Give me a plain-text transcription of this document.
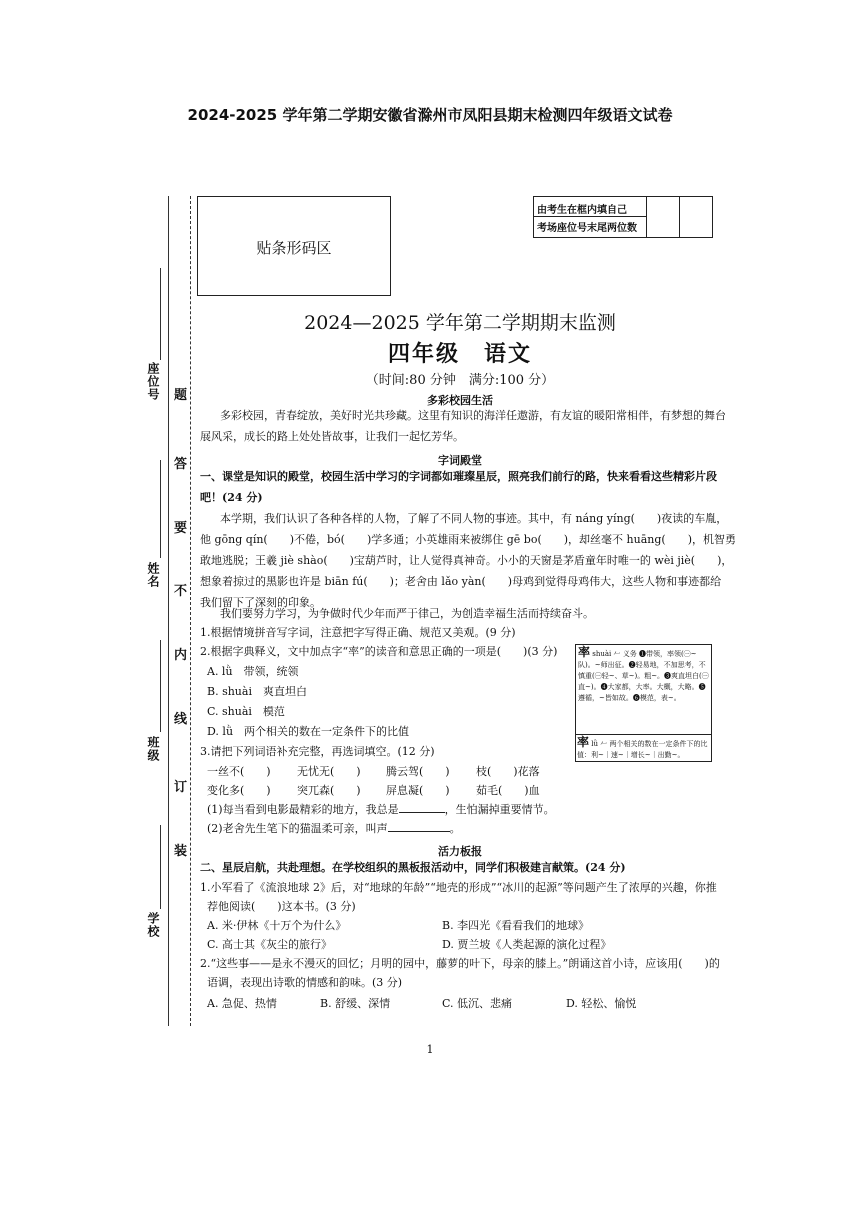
2024-2025 学年第二学期安徽省滁州市凤阳县期末检测四年级语文试卷
座位号
姓名
班级
学校
题
答
要
不
内
线
订
装
贴条形码区
由考生在框内填自己
考场座位号末尾两位数
2024—2025 学年第二学期期末监测
四年级　语文
（时间:80 分钟　满分:100 分）
多彩校园生活
多彩校园，青春绽放，美好时光共珍藏。这里有知识的海洋任遨游，有友谊的暖阳常相伴，有梦想的舞台
展风采，成长的路上处处皆故事，让我们一起忆芳华。
字词殿堂
一、课堂是知识的殿堂，校园生活中学习的字词都如璀璨星辰，照亮我们前行的路，快来看看这些精彩片段
吧！(24 分)
本学期，我们认识了各种各样的人物，了解了不同人物的事迹。其中，有 náng yíng(　　)夜读的车胤，
他 gōng qín(　　)不倦，bó(　　)学多通；小英雄雨来被绑住 gē bo(　　)，却丝毫不 huāng(　　)，机智勇
敢地逃脱；王羲 jiè shào(　　)宝葫芦时，让人觉得真神奇。小小的天窗是茅盾童年时唯一的 wèi jiè(　　)，
想象着掠过的黑影也许是 biān fú(　　)；老舍由 lǎo yàn(　　)母鸡到觉得母鸡伟大，这些人物和事迹都给
我们留下了深刻的印象。
我们要努力学习，为争做时代少年而严于律己，为创造幸福生活而持续奋斗。
1.根据情境拼音写字词，注意把字写得正确、规范又美观。(9 分)
2.根据字典释义，文中加点字“率”的读音和意思正确的一项是(　　)(3 分)
A. lǜ　带领，统领
B. shuài　爽直坦白
C. shuài　模范
D. lǜ　两个相关的数在一定条件下的比值
率 shuài 𠂉 义务 ❶带领，率领(㊀~队)。~师出征。❷轻易地，不加思考，不慎重(㊀轻~、草~)。粗~。❸爽直坦白(㊀直~)。❹大家都，大率。大概，大略。❺遵循，~皆如故。❻模范，表~。
率 lǜ 𠂉 两个相关的数在一定条件下的比值：利~｜速~｜增长~｜出勤~。
3.请把下列词语补充完整，再选词填空。(12 分)
一丝不(　　) 无忧无(　　) 腾云驾(　　) 枝(　　)花落
变化多(　　) 突兀森(　　) 屏息凝(　　) 茹毛(　　)血
(1)每当看到电影最精彩的地方，我总是	，生怕漏掉重要情节。
(2)老舍先生笔下的猫温柔可亲，叫声	。
活力板报
二、星辰启航，共赴理想。在学校组织的黑板报活动中，同学们积极建言献策。(24 分)
1.小军看了《流浪地球 2》后，对“地球的年龄”“地壳的形成”“冰川的起源”等问题产生了浓厚的兴趣，你推
荐他阅读(　　)这本书。(3 分)
A. 米·伊林《十万个为什么》	B. 李四光《看看我们的地球》
C. 高士其《灰尘的旅行》	D. 贾兰坡《人类起源的演化过程》
2.“这些事——是永不漫灭的回忆；月明的园中，藤萝的叶下，母亲的膝上。”朗诵这首小诗，应该用(　　)的
语调，表现出诗歌的情感和韵味。(3 分)
A. 急促、热情	B. 舒缓、深情	C. 低沉、悲痛	D. 轻松、愉悦
1
